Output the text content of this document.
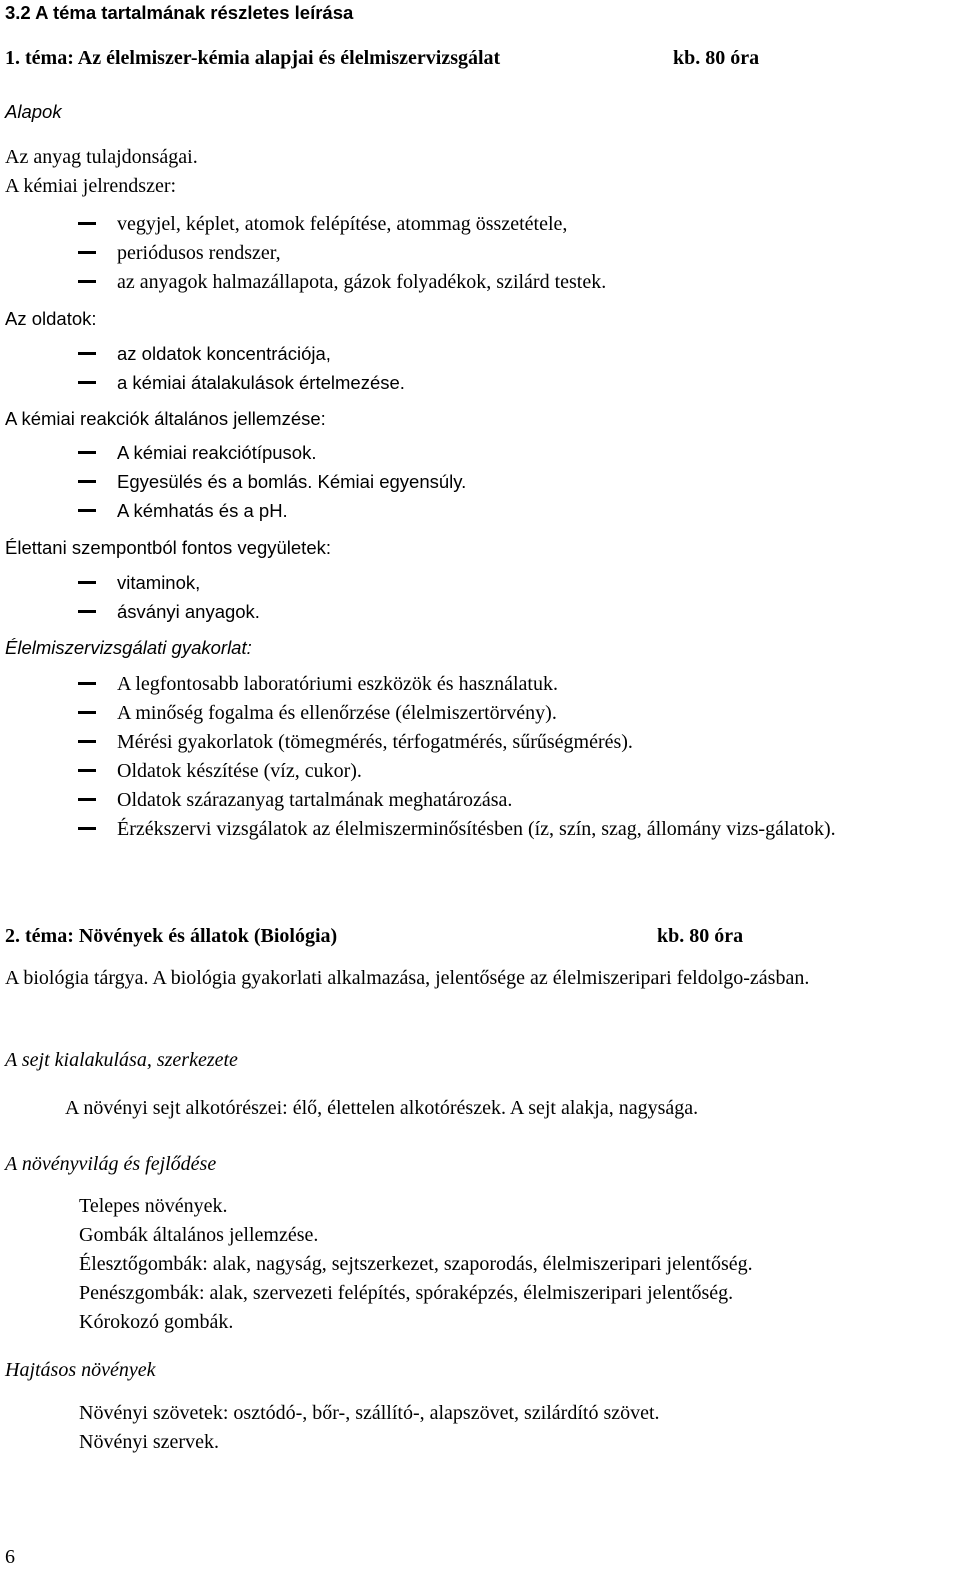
3.2 A téma tartalmának részletes leírása
1. téma: Az élelmiszer-kémia alapjai és élelmiszervizsgálat	kb. 80 óra
Alapok
Az anyag tulajdonságai.
A kémiai jelrendszer:
vegyjel, képlet, atomok felépítése, atommag összetétele,
periódusos rendszer,
az anyagok halmazállapota, gázok folyadékok, szilárd testek.
Az oldatok:
az oldatok koncentrációja,
a kémiai átalakulások értelmezése.
A kémiai reakciók általános jellemzése:
A kémiai reakciótípusok.
Egyesülés és a bomlás. Kémiai egyensúly.
A kémhatás és a pH.
Élettani szempontból fontos vegyületek:
vitaminok,
ásványi anyagok.
Élelmiszervizsgálati gyakorlat:
A legfontosabb laboratóriumi eszközök és használatuk.
A minőség fogalma és ellenőrzése (élelmiszertörvény).
Mérési gyakorlatok (tömegmérés, térfogatmérés, sűrűségmérés).
Oldatok készítése (víz, cukor).
Oldatok szárazanyag tartalmának meghatározása.
Érzékszervi vizsgálatok az élelmiszerminősítésben (íz, szín, szag, állomány vizs-gálatok).
2. téma: Növények és állatok (Biológia)	kb. 80 óra
A biológia tárgya. A biológia gyakorlati alkalmazása, jelentősége az élelmiszeripari feldolgo-zásban.
A sejt kialakulása, szerkezete
A növényi sejt alkotórészei: élő, élettelen alkotórészek. A sejt alakja, nagysága.
A növényvilág és fejlődése
Telepes növények.
Gombák általános jellemzése.
Élesztőgombák: alak, nagyság, sejtszerkezet, szaporodás, élelmiszeripari jelentőség.
Penészgombák: alak, szervezeti felépítés, spóraképzés, élelmiszeripari jelentőség.
Kórokozó gombák.
Hajtásos növények
Növényi szövetek: osztódó-, bőr-, szállító-, alapszövet, szilárdító szövet.
Növényi szervek.
6
